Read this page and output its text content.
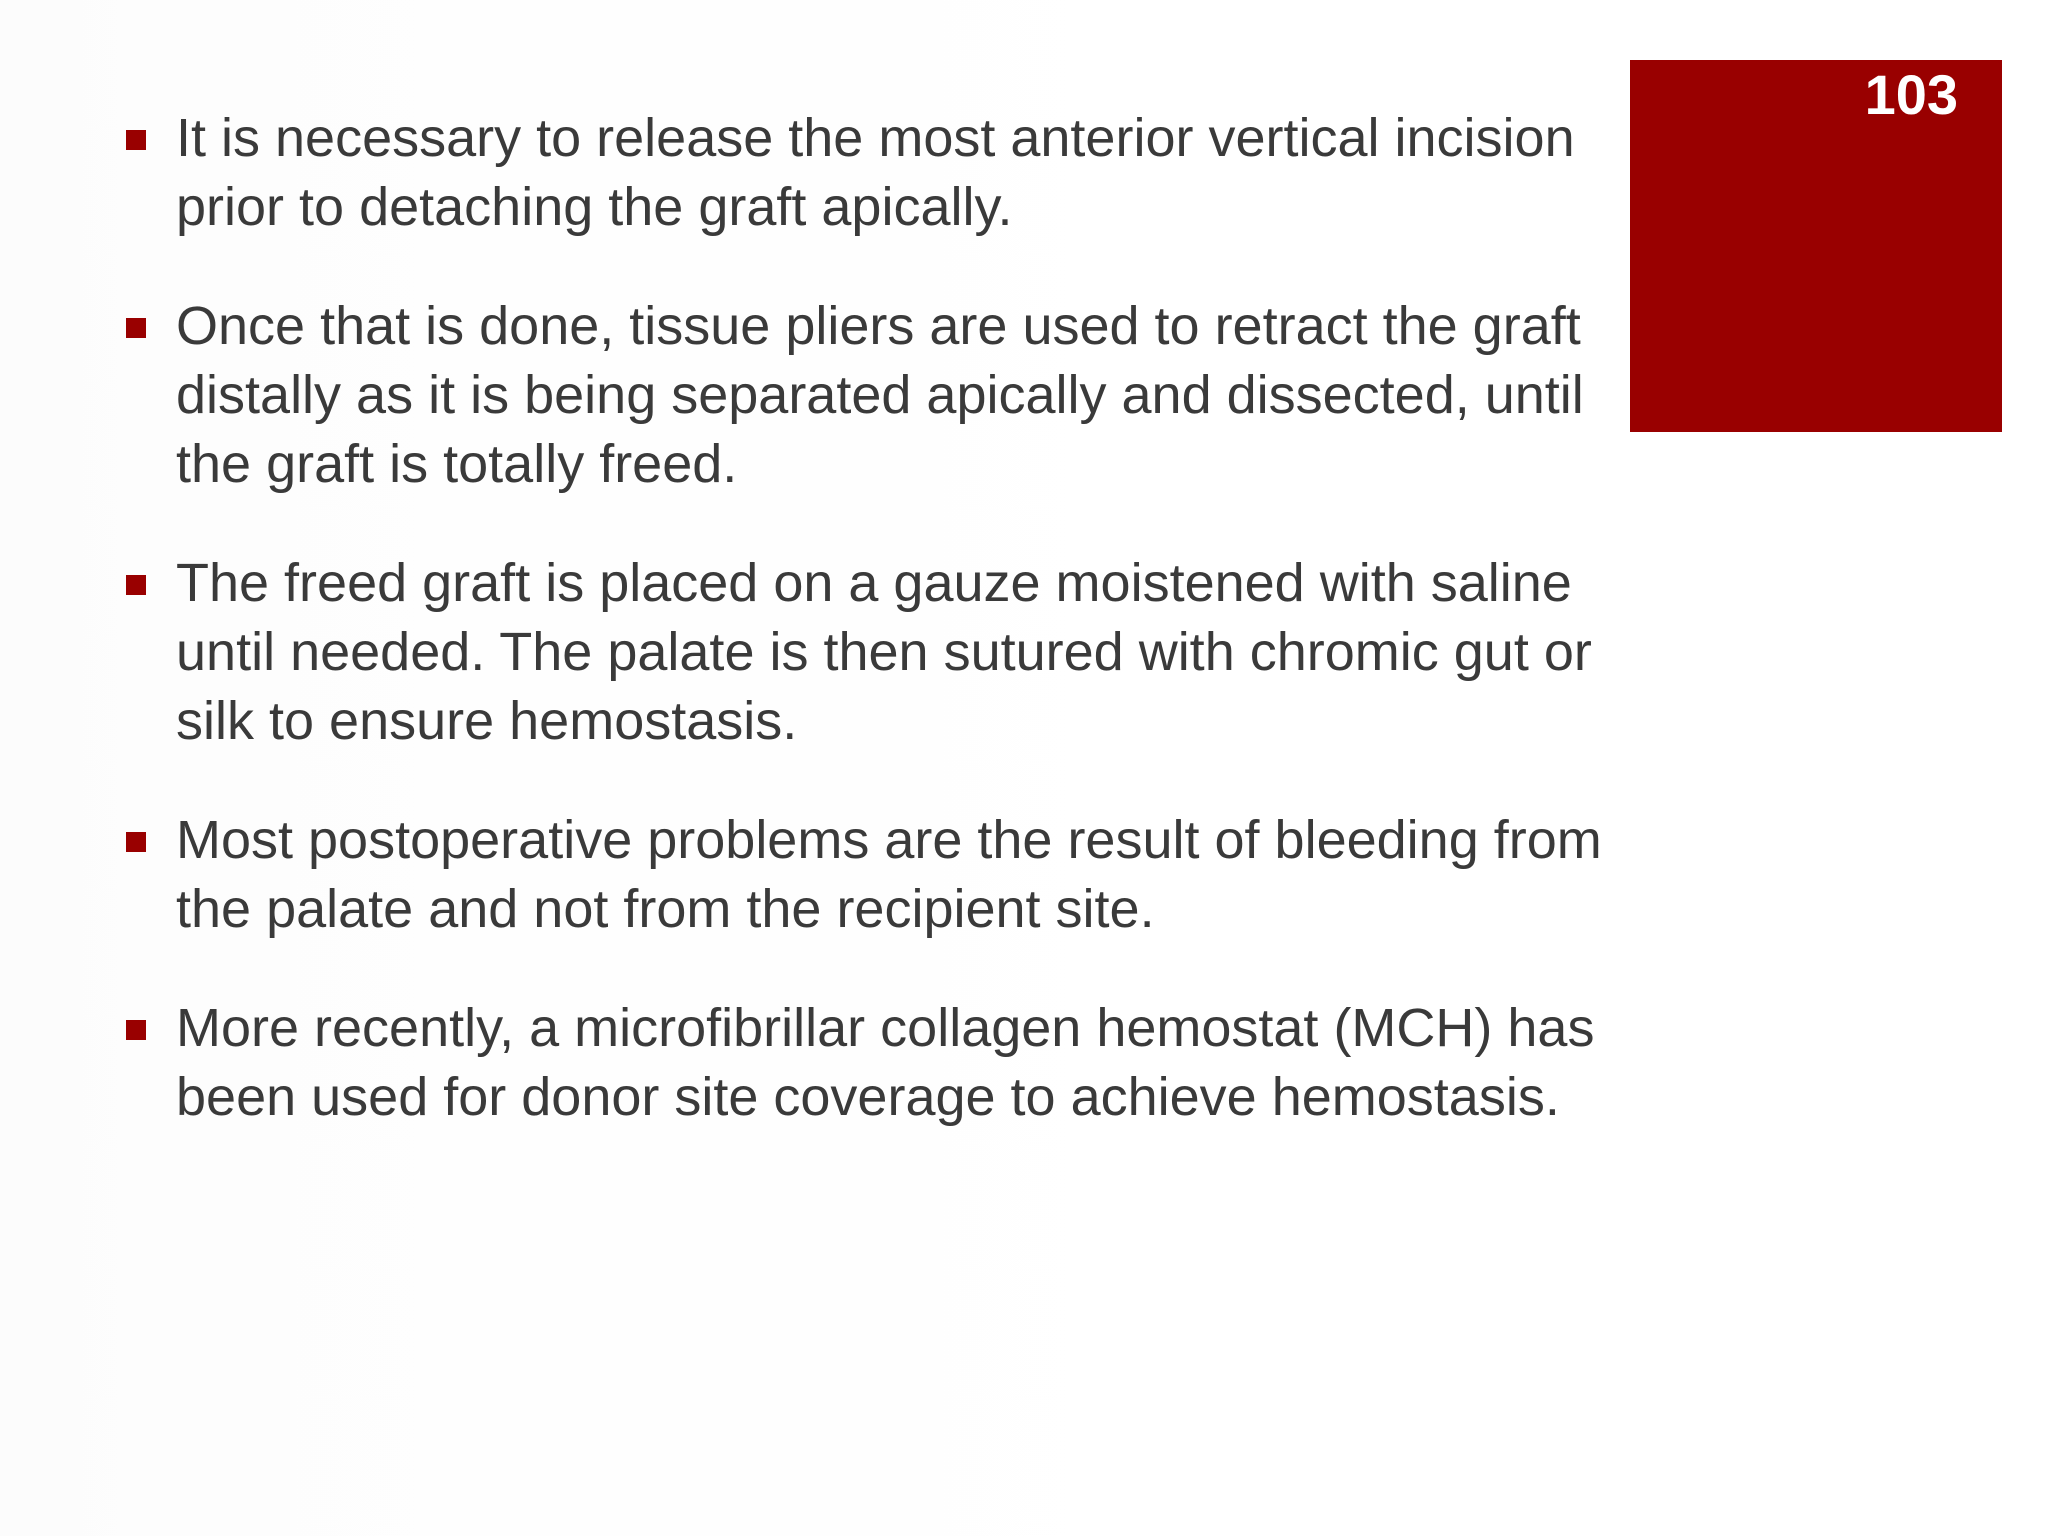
103
It is necessary to release the most anterior vertical incision
prior to detaching the graft apically.
Once that is done, tissue pliers are used to retract the graft
distally as it is being separated apically and dissected, until
the graft is totally freed.
The freed graft is placed on a gauze moistened with saline
until needed. The palate is then sutured with chromic gut or
silk to ensure hemostasis.
Most postoperative problems are the result of bleeding from
the palate and not from the recipient site.
More recently, a microfibrillar collagen hemostat (MCH) has
been used for donor site coverage to achieve hemostasis.
